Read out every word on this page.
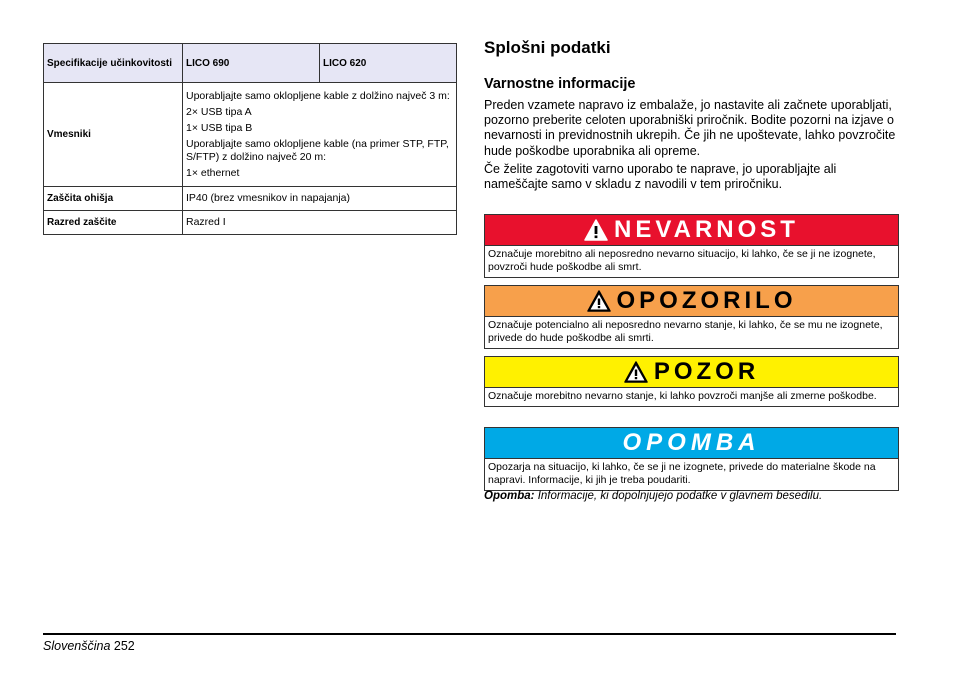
Specifikacije učinkovitosti	LICO 690	LICO 620
Vmesniki	Uporabljajte samo oklopljene kable z dolžino največ 3 m:

2× USB tipa A

1× USB tipa B

Uporabljajte samo oklopljene kable (na primer STP, FTP, S/FTP) z dolžino največ 20 m:

1× ethernet	

Zaščita ohišja	IP40 (brez vmesnikov in napajanja)	
Razred zaščite	Razred I	
Splošni podatki
Varnostne informacije

Preden vzamete napravo iz embalaže, jo nastavite ali začnete uporabljati, pozorno preberite celoten uporabniški priročnik. Bodite pozorni na izjave o nevarnosti in previdnostnih ukrepih. Če jih ne upoštevate, lahko povzročite hude poškodbe uporabnika ali opreme.

Če želite zagotoviti varno uporabo te naprave, jo uporabljajte ali nameščajte samo v skladu z navodili v tem priročniku.

NEVARNOST
Označuje morebitno ali neposredno nevarno situacijo, ki lahko, če se ji ne izognete, povzroči hude poškodbe ali smrt.
OPOZORILO
Označuje potencialno ali neposredno nevarno stanje, ki lahko, če se mu ne izognete, privede do hude poškodbe ali smrti.
POZOR
Označuje morebitno nevarno stanje, ki lahko povzroči manjše ali zmerne poškodbe.
OPOMBA
Opozarja na situacijo, ki lahko, če se ji ne izognete, privede do materialne škode na napravi. Informacije, ki jih je treba poudariti.

Opomba: Informacije, ki dopolnjujejo podatke v glavnem besedilu.

Slovenščina 252
